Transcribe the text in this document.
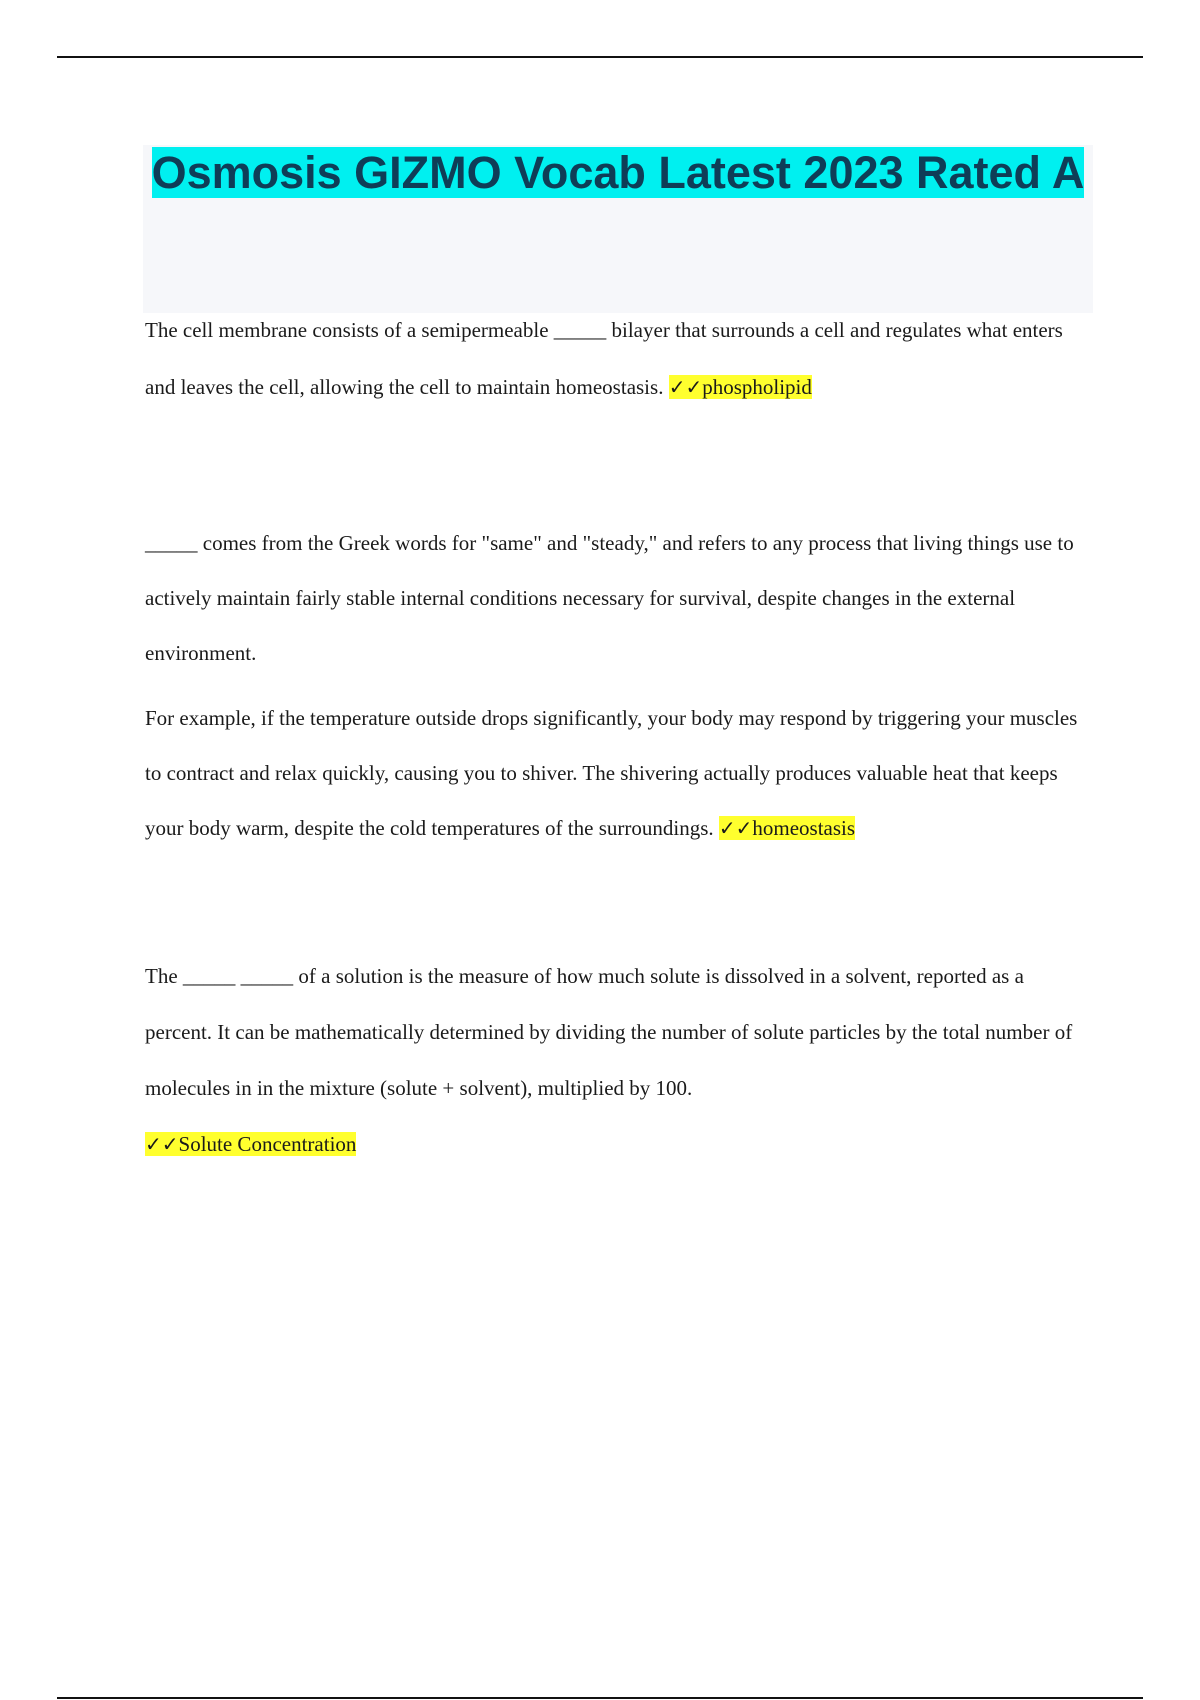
Osmosis GIZMO Vocab Latest 2023 Rated A

The cell membrane consists of a semipermeable _____ bilayer that surrounds a cell and regulates what enters and leaves the cell, allowing the cell to maintain homeostasis. ✓✓phospholipid

_____ comes from the Greek words for "same" and "steady," and refers to any process that living things use to actively maintain fairly stable internal conditions necessary for survival, despite changes in the external environment.

For example, if the temperature outside drops significantly, your body may respond by triggering your muscles to contract and relax quickly, causing you to shiver. The shivering actually produces valuable heat that keeps your body warm, despite the cold temperatures of the surroundings. ✓✓homeostasis

The _____ _____ of a solution is the measure of how much solute is dissolved in a solvent, reported as a percent. It can be mathematically determined by dividing the number of solute particles by the total number of molecules in in the mixture (solute + solvent), multiplied by 100.
✓✓Solute Concentration
